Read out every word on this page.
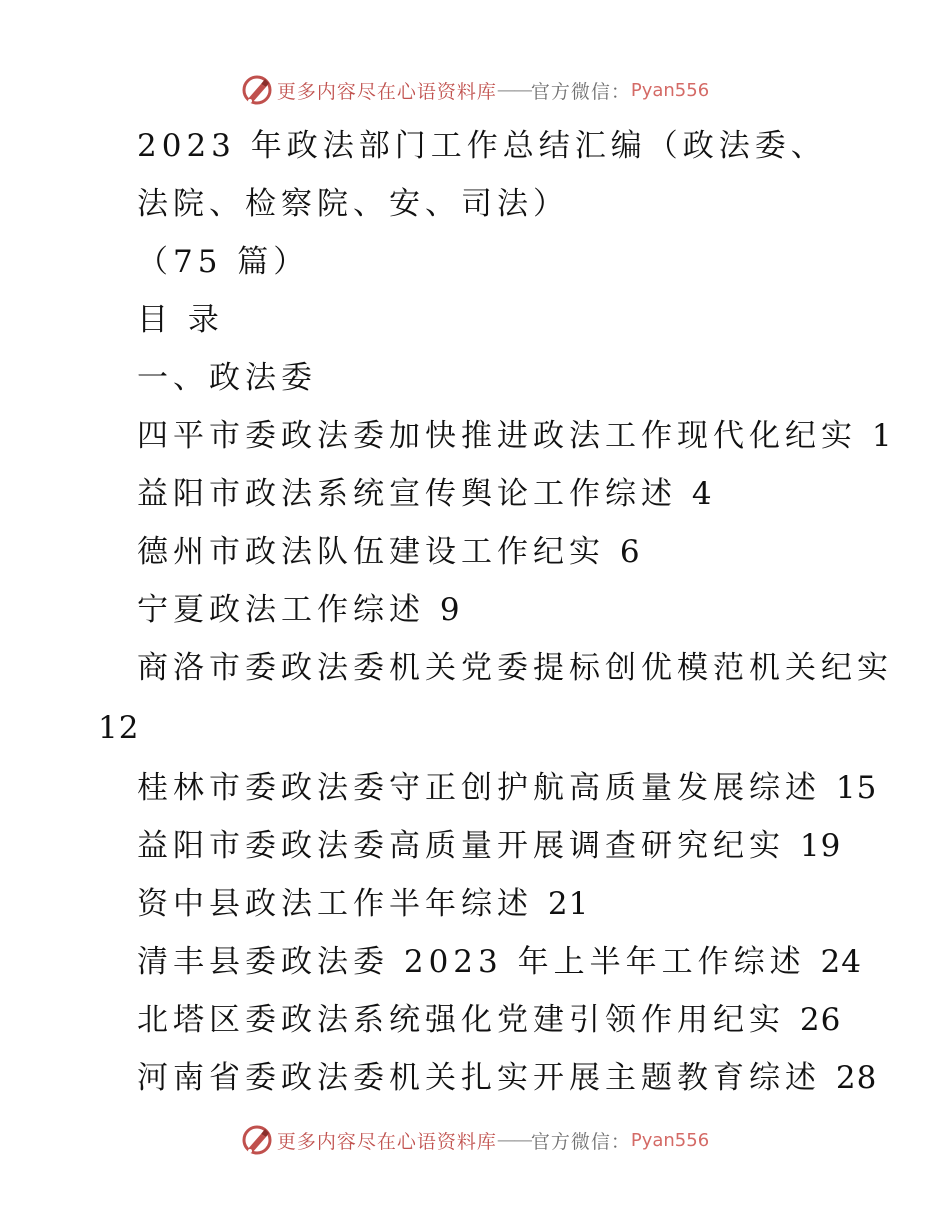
更多内容尽在心语资料库 —— 官方微信： Pyan556
2023 年政法部门工作总结汇编（政法委、
法院、检察院、安、司法）
（75 篇）
目 录
一、政法委
四平市委政法委加快推进政法工作现代化纪实 1
益阳市政法系统宣传舆论工作综述 4
德州市政法队伍建设工作纪实 6
宁夏政法工作综述 9
商洛市委政法委机关党委提标创优模范机关纪实
12
桂林市委政法委守正创护航高质量发展综述 15
益阳市委政法委高质量开展调查研究纪实 19
资中县政法工作半年综述 21
清丰县委政法委 2023 年上半年工作综述 24
北塔区委政法系统强化党建引领作用纪实 26
河南省委政法委机关扎实开展主题教育综述 28
更多内容尽在心语资料库 —— 官方微信： Pyan556
